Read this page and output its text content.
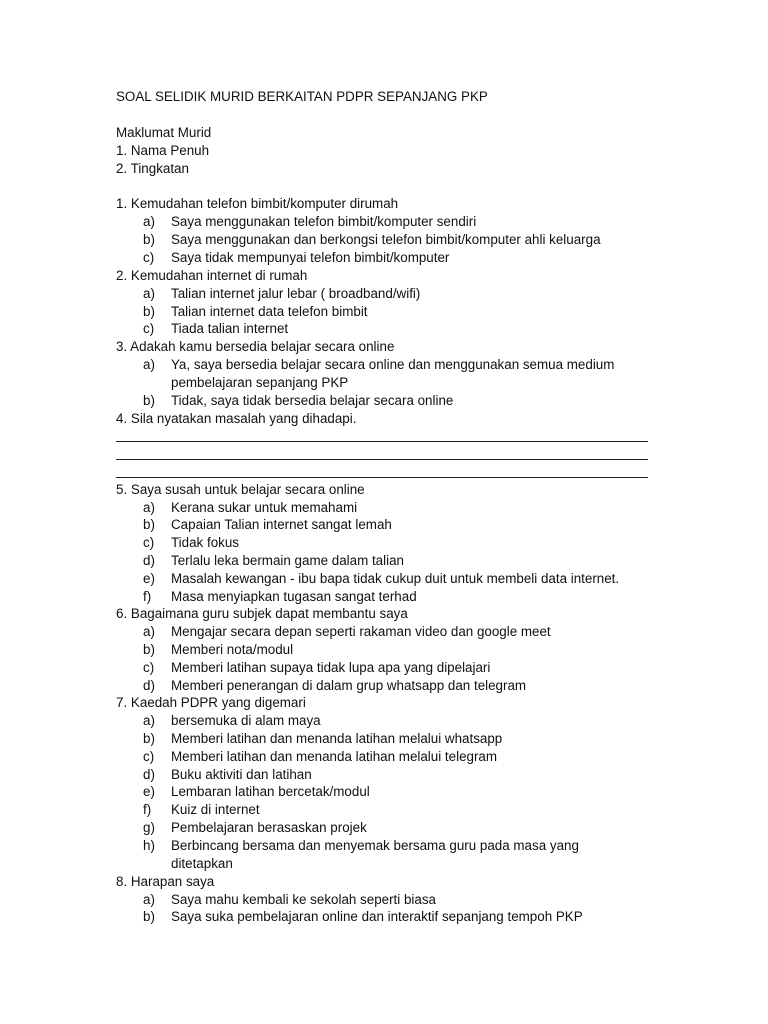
SOAL SELIDIK MURID BERKAITAN PDPR SEPANJANG PKP
Maklumat Murid
1. Nama Penuh
2. Tingkatan
1. Kemudahan telefon bimbit/komputer dirumah
a) Saya menggunakan telefon bimbit/komputer sendiri
b) Saya menggunakan dan berkongsi telefon bimbit/komputer ahli keluarga
c) Saya tidak mempunyai telefon bimbit/komputer
2. Kemudahan internet di rumah
a) Talian internet jalur lebar ( broadband/wifi)
b) Talian internet data telefon bimbit
c) Tiada talian internet
3. Adakah kamu bersedia belajar secara online
a) Ya, saya bersedia belajar secara online dan menggunakan semua medium
pembelajaran sepanjang PKP
b) Tidak, saya tidak bersedia belajar secara online
4. Sila nyatakan masalah yang dihadapi.
5. Saya susah untuk belajar secara online
a) Kerana sukar untuk memahami
b) Capaian Talian internet sangat lemah
c) Tidak fokus
d) Terlalu leka bermain game dalam talian
e) Masalah kewangan - ibu bapa tidak cukup duit untuk membeli data internet.
f) Masa menyiapkan tugasan sangat terhad
6. Bagaimana guru subjek dapat membantu saya
a) Mengajar secara depan seperti rakaman video dan google meet
b) Memberi nota/modul
c) Memberi latihan supaya tidak lupa apa yang dipelajari
d) Memberi penerangan di dalam grup whatsapp dan telegram
7. Kaedah PDPR yang digemari
a) bersemuka di alam maya
b) Memberi latihan dan menanda latihan melalui whatsapp
c) Memberi latihan dan menanda latihan melalui telegram
d) Buku aktiviti dan latihan
e) Lembaran latihan bercetak/modul
f) Kuiz di internet
g) Pembelajaran berasaskan projek
h) Berbincang bersama dan menyemak bersama guru pada masa yang
ditetapkan
8. Harapan saya
a) Saya mahu kembali ke sekolah seperti biasa
b) Saya suka pembelajaran online dan interaktif sepanjang tempoh PKP
